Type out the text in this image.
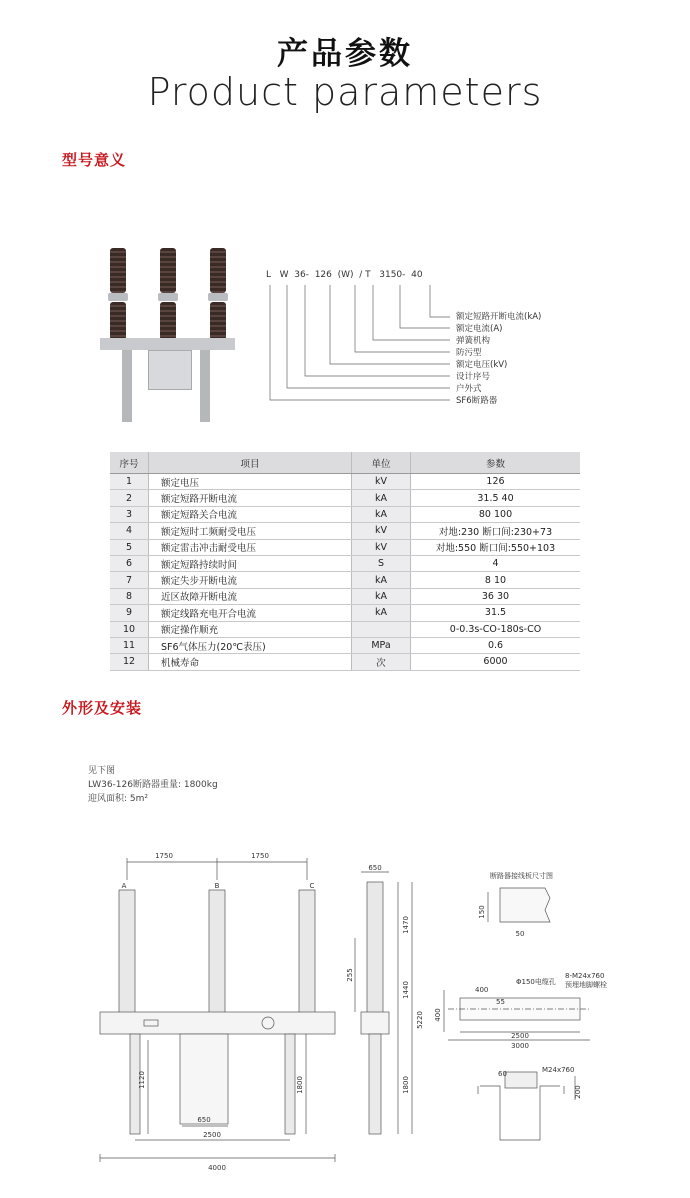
产品参数
Product parameters
型号意义
L W 36- 126 (W) / T 3150- 40
额定短路开断电流(kA)
额定电流(A)
弹簧机构
防污型
额定电压(kV)
设计序号
户外式
SF6断路器
序号	项目	单位	参数
1	额定电压	kV	126
2	额定短路开断电流	kA	31.5 40
3	额定短路关合电流	kA	80 100
4	额定短时工频耐受电压	kV	对地:230 断口间:230+73
5	额定雷击冲击耐受电压	kV	对地:550 断口间:550+103
6	额定短路持续时间	S	4
7	额定失步开断电流	kA	8 10
8	近区故障开断电流	kA	36 30
9	额定线路充电开合电流	kA	31.5
10	额定操作顺充		0-0.3s-CO-180s-CO
11	SF6气体压力(20℃表压)	MPa	0.6
12	机械寿命	次	6000
外形及安装
见下图
LW36-126断路器重量: 1800kg
迎风面积: 5m²
1750	1750
A	B	C
650
2500
4000
1120	1800
650
1470
1440
5220
1800
255
断路器接线板尺寸图
150
50
400
55
2500
3000
400
Φ150电缆孔
8-M24x760
预埋地脚螺栓
M24x760
60
200
